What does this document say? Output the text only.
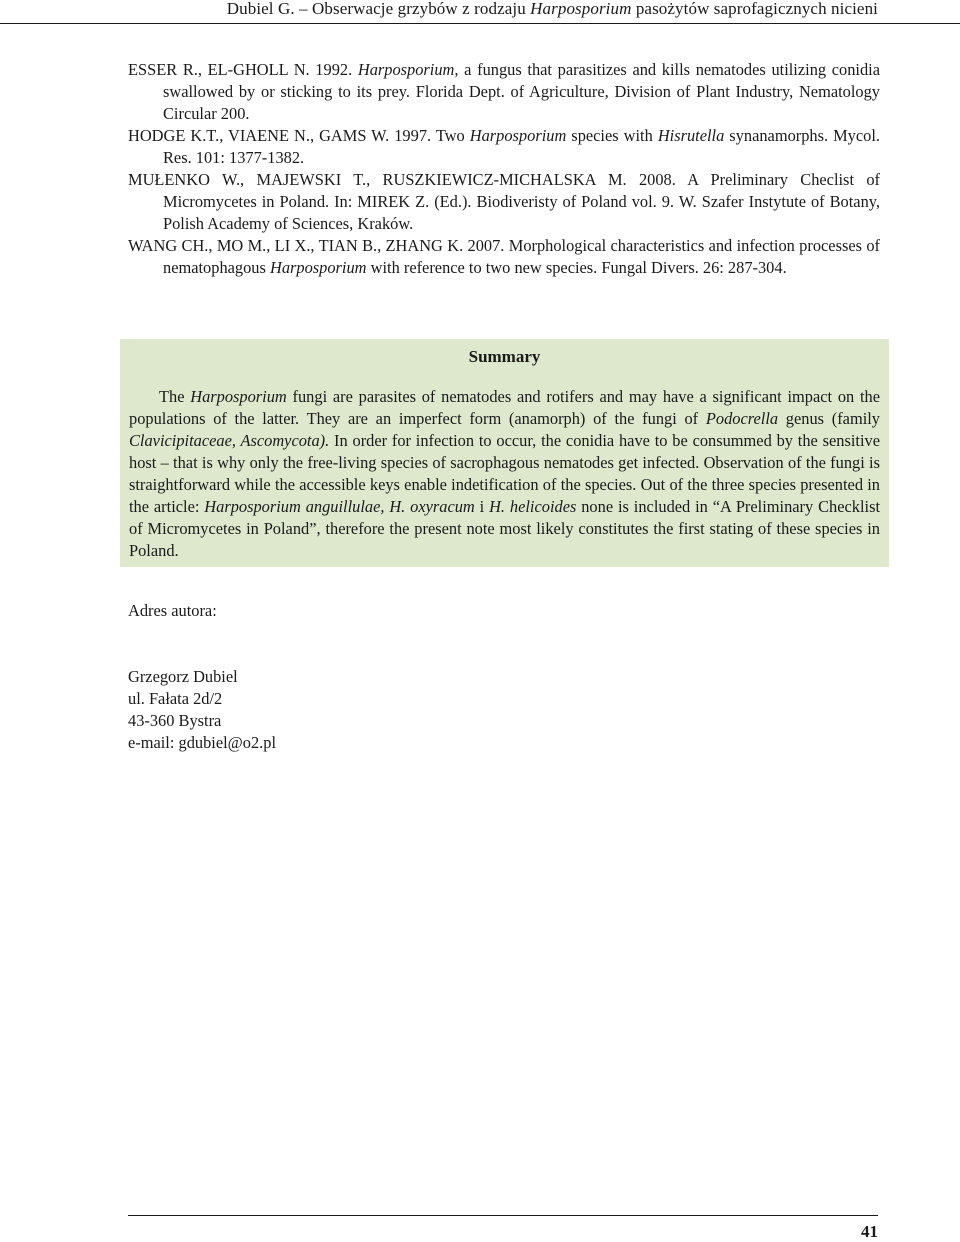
Dubiel G. – Obserwacje grzybów z rodzaju Harposporium pasożytów saprofagicznych nicieni

ESSER R., EL-GHOLL N. 1992. Harposporium, a fungus that parasitizes and kills nematodes utilizing conidia swallowed by or sticking to its prey. Florida Dept. of Agriculture, Division of Plant Industry, Nematology Circular 200.

HODGE K.T., VIAENE N., GAMS W. 1997. Two Harposporium species with Hisrutella synanamorphs. Mycol. Res. 101: 1377-1382.

MUŁENKO W., MAJEWSKI T., RUSZKIEWICZ-MICHALSKA M. 2008. A Preliminary Checlist of Micromycetes in Poland. In: MIREK Z. (Ed.). Biodiveristy of Poland vol. 9. W. Szafer Instytute of Botany, Polish Academy of Sciences, Kraków.

WANG CH., MO M., LI X., TIAN B., ZHANG K. 2007. Morphological characteristics and infection processes of nematophagous Harposporium with reference to two new species. Fungal Divers. 26: 287-304.

Summary

The Harposporium fungi are parasites of nematodes and rotifers and may have a significant impact on the populations of the latter. They are an imperfect form (anamorph) of the fungi of Podocrella genus (family Clavicipitaceae, Ascomycota). In order for infection to occur, the conidia have to be consummed by the sensitive host – that is why only the free-living species of sacrophagous nematodes get infected. Observation of the fungi is straightforward while the accessible keys enable indetification of the species. Out of the three species presented in the article: Harposporium anguillulae, H. oxyracum i H. helicoides none is included in “A Preliminary Checklist of Micromycetes in Poland”, therefore the present note most likely constitutes the first stating of these species in Poland.

Adres autora:

Grzegorz Dubiel

ul. Fałata 2d/2

43-360 Bystra

e-mail: gdubiel@o2.pl

41
